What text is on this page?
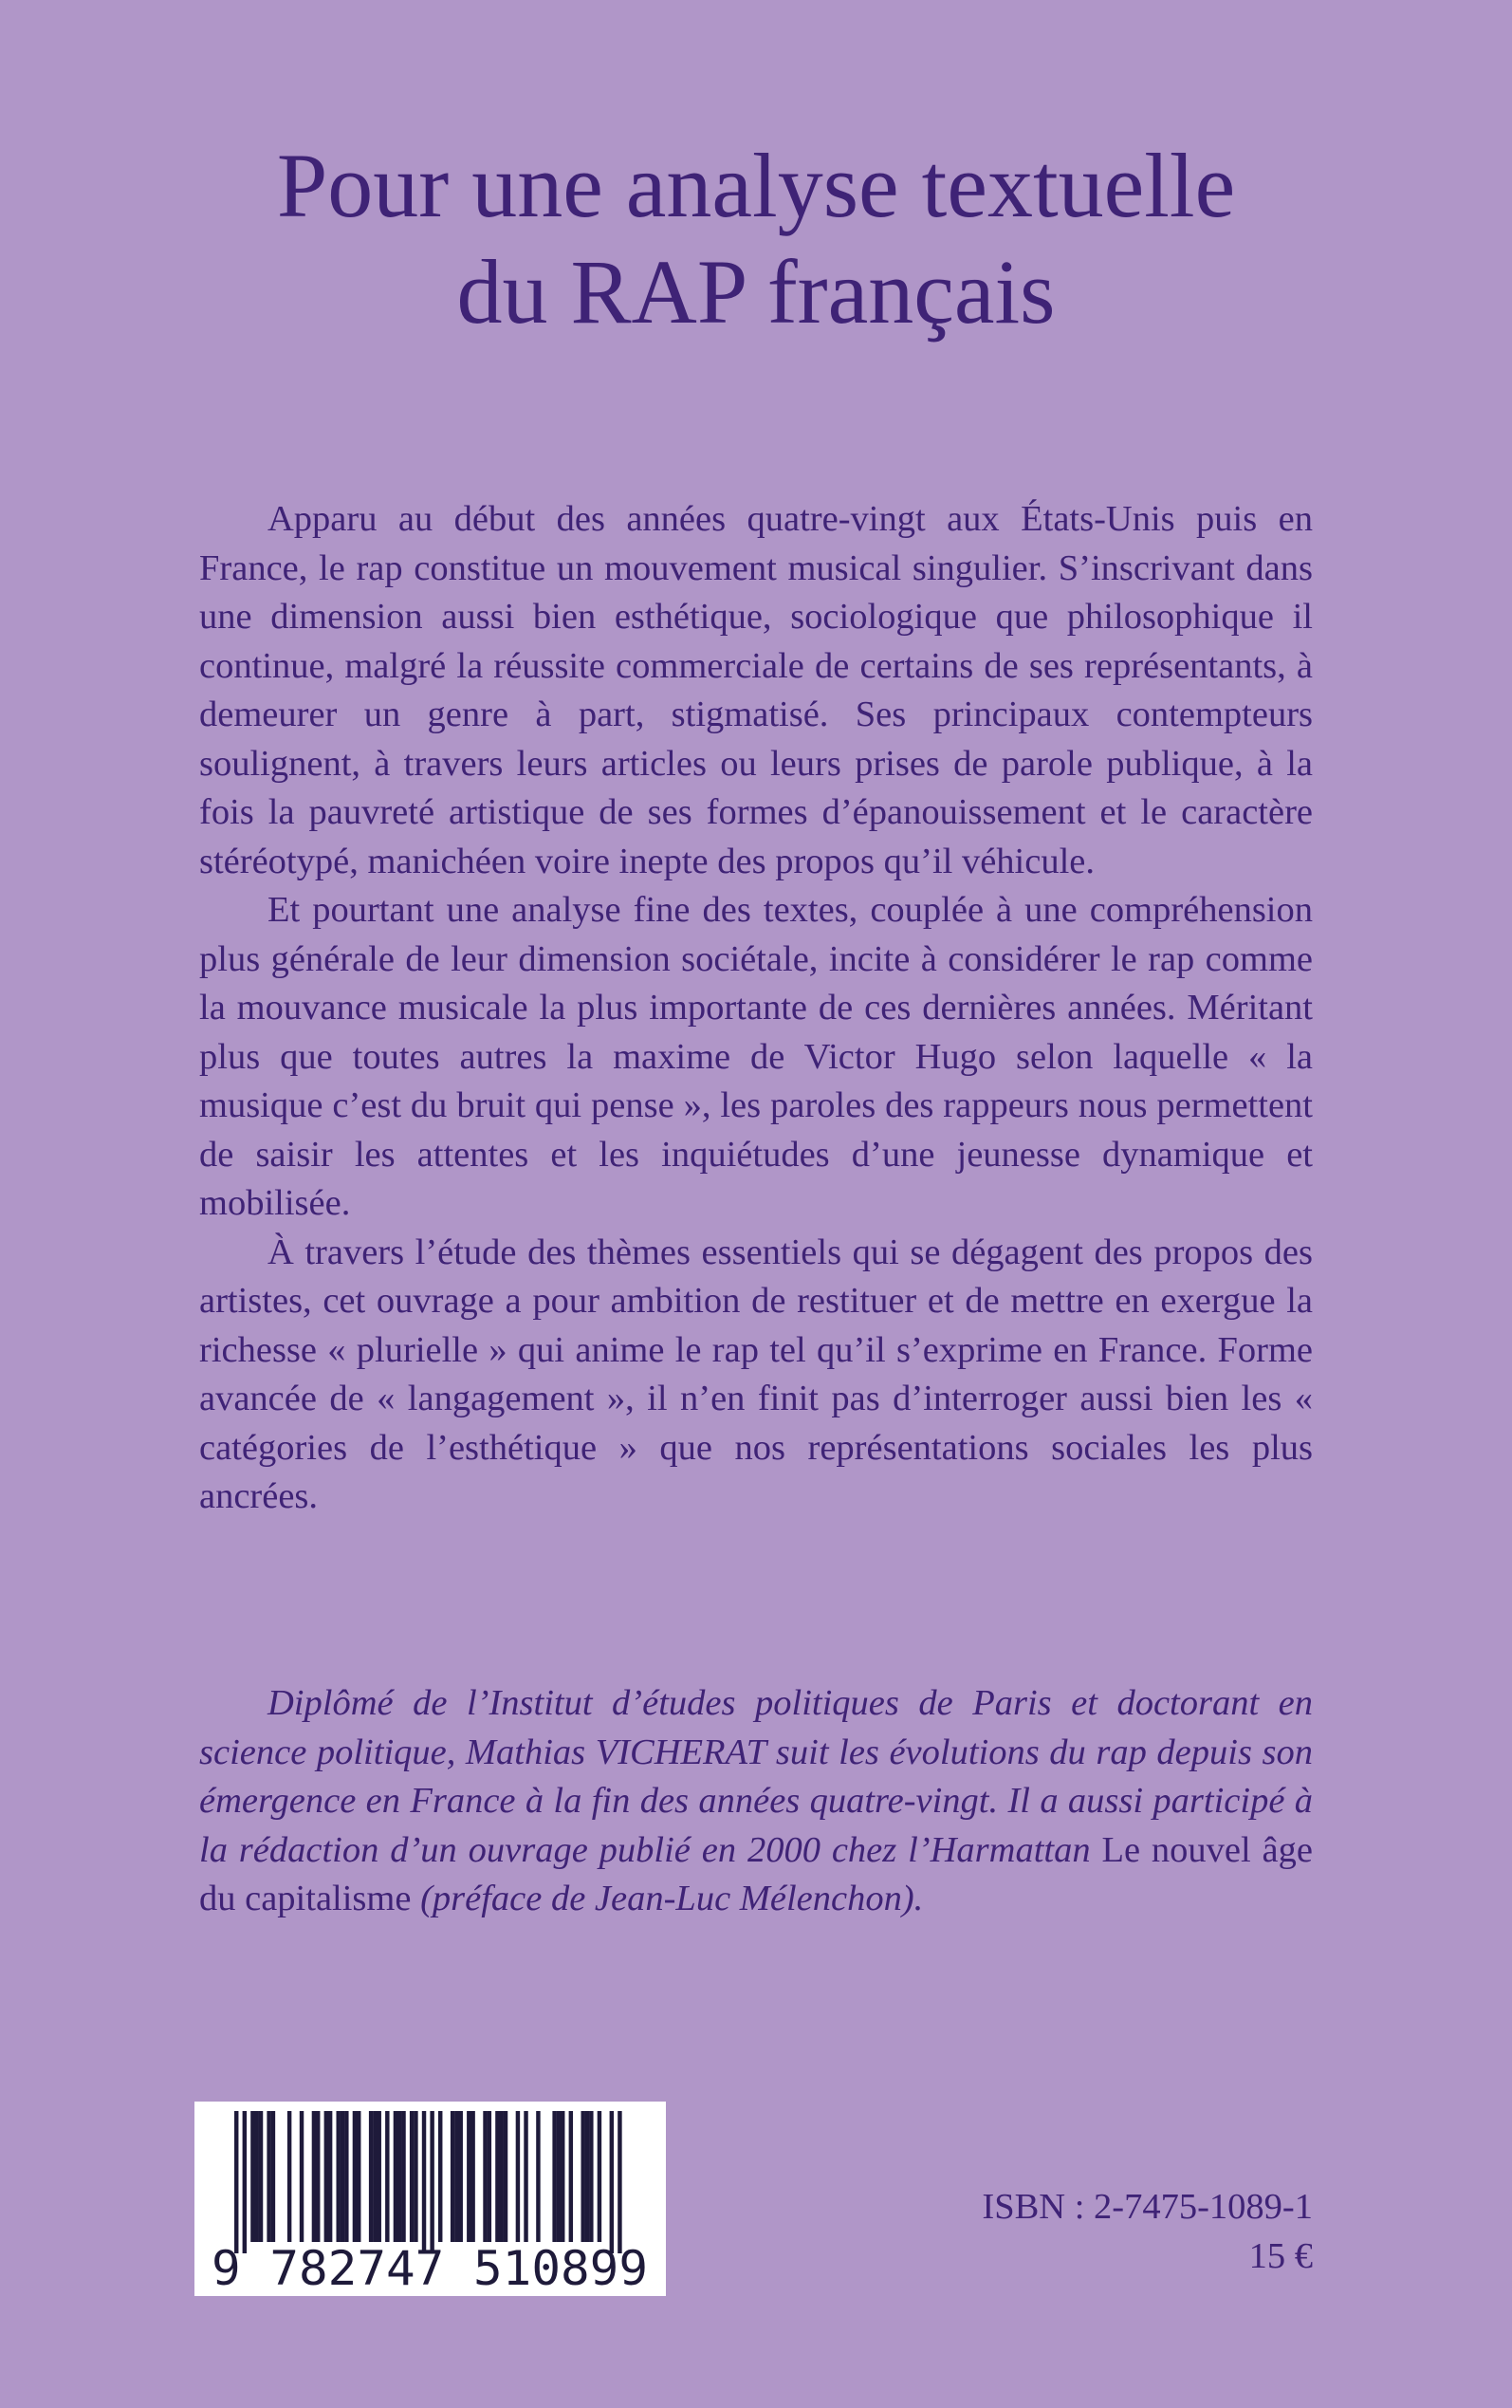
Pour une analyse textuelle
du RAP français

Apparu au début des années quatre-vingt aux États-Unis puis en France, le rap constitue un mouvement musical singulier. S’inscrivant dans une dimension aussi bien esthétique, sociologique que philosophique il continue, malgré la réussite commerciale de certains de ses représentants, à demeurer un genre à part, stigmatisé. Ses principaux contempteurs soulignent, à travers leurs articles ou leurs prises de parole publique, à la fois la pauvreté artistique de ses formes d’épanouissement et le caractère stéréotypé, manichéen voire inepte des propos qu’il véhicule.

Et pourtant une analyse fine des textes, couplée à une compréhension plus générale de leur dimension sociétale, incite à considérer le rap comme la mouvance musicale la plus importante de ces dernières années. Méritant plus que toutes autres la maxime de Victor Hugo selon laquelle « la musique c’est du bruit qui pense », les paroles des rappeurs nous permettent de saisir les attentes et les inquiétudes d’une jeunesse dynamique et mobilisée.

À travers l’étude des thèmes essentiels qui se dégagent des propos des artistes, cet ouvrage a pour ambition de restituer et de mettre en exergue la richesse « plurielle » qui anime le rap tel qu’il s’exprime en France. Forme avancée de « langagement », il n’en finit pas d’interroger aussi bien les « catégories de l’esthétique » que nos représentations sociales les plus ancrées.

Diplômé de l’Institut d’études politiques de Paris et doctorant en science politique, Mathias VICHERAT suit les évolutions du rap depuis son émergence en France à la fin des années quatre-vingt. Il a aussi participé à la rédaction d’un ouvrage publié en 2000 chez l’Harmattan Le nouvel âge du capitalisme (préface de Jean-Luc Mélenchon).

9 782747 510899
ISBN : 2-7475-1089-1
15 €
